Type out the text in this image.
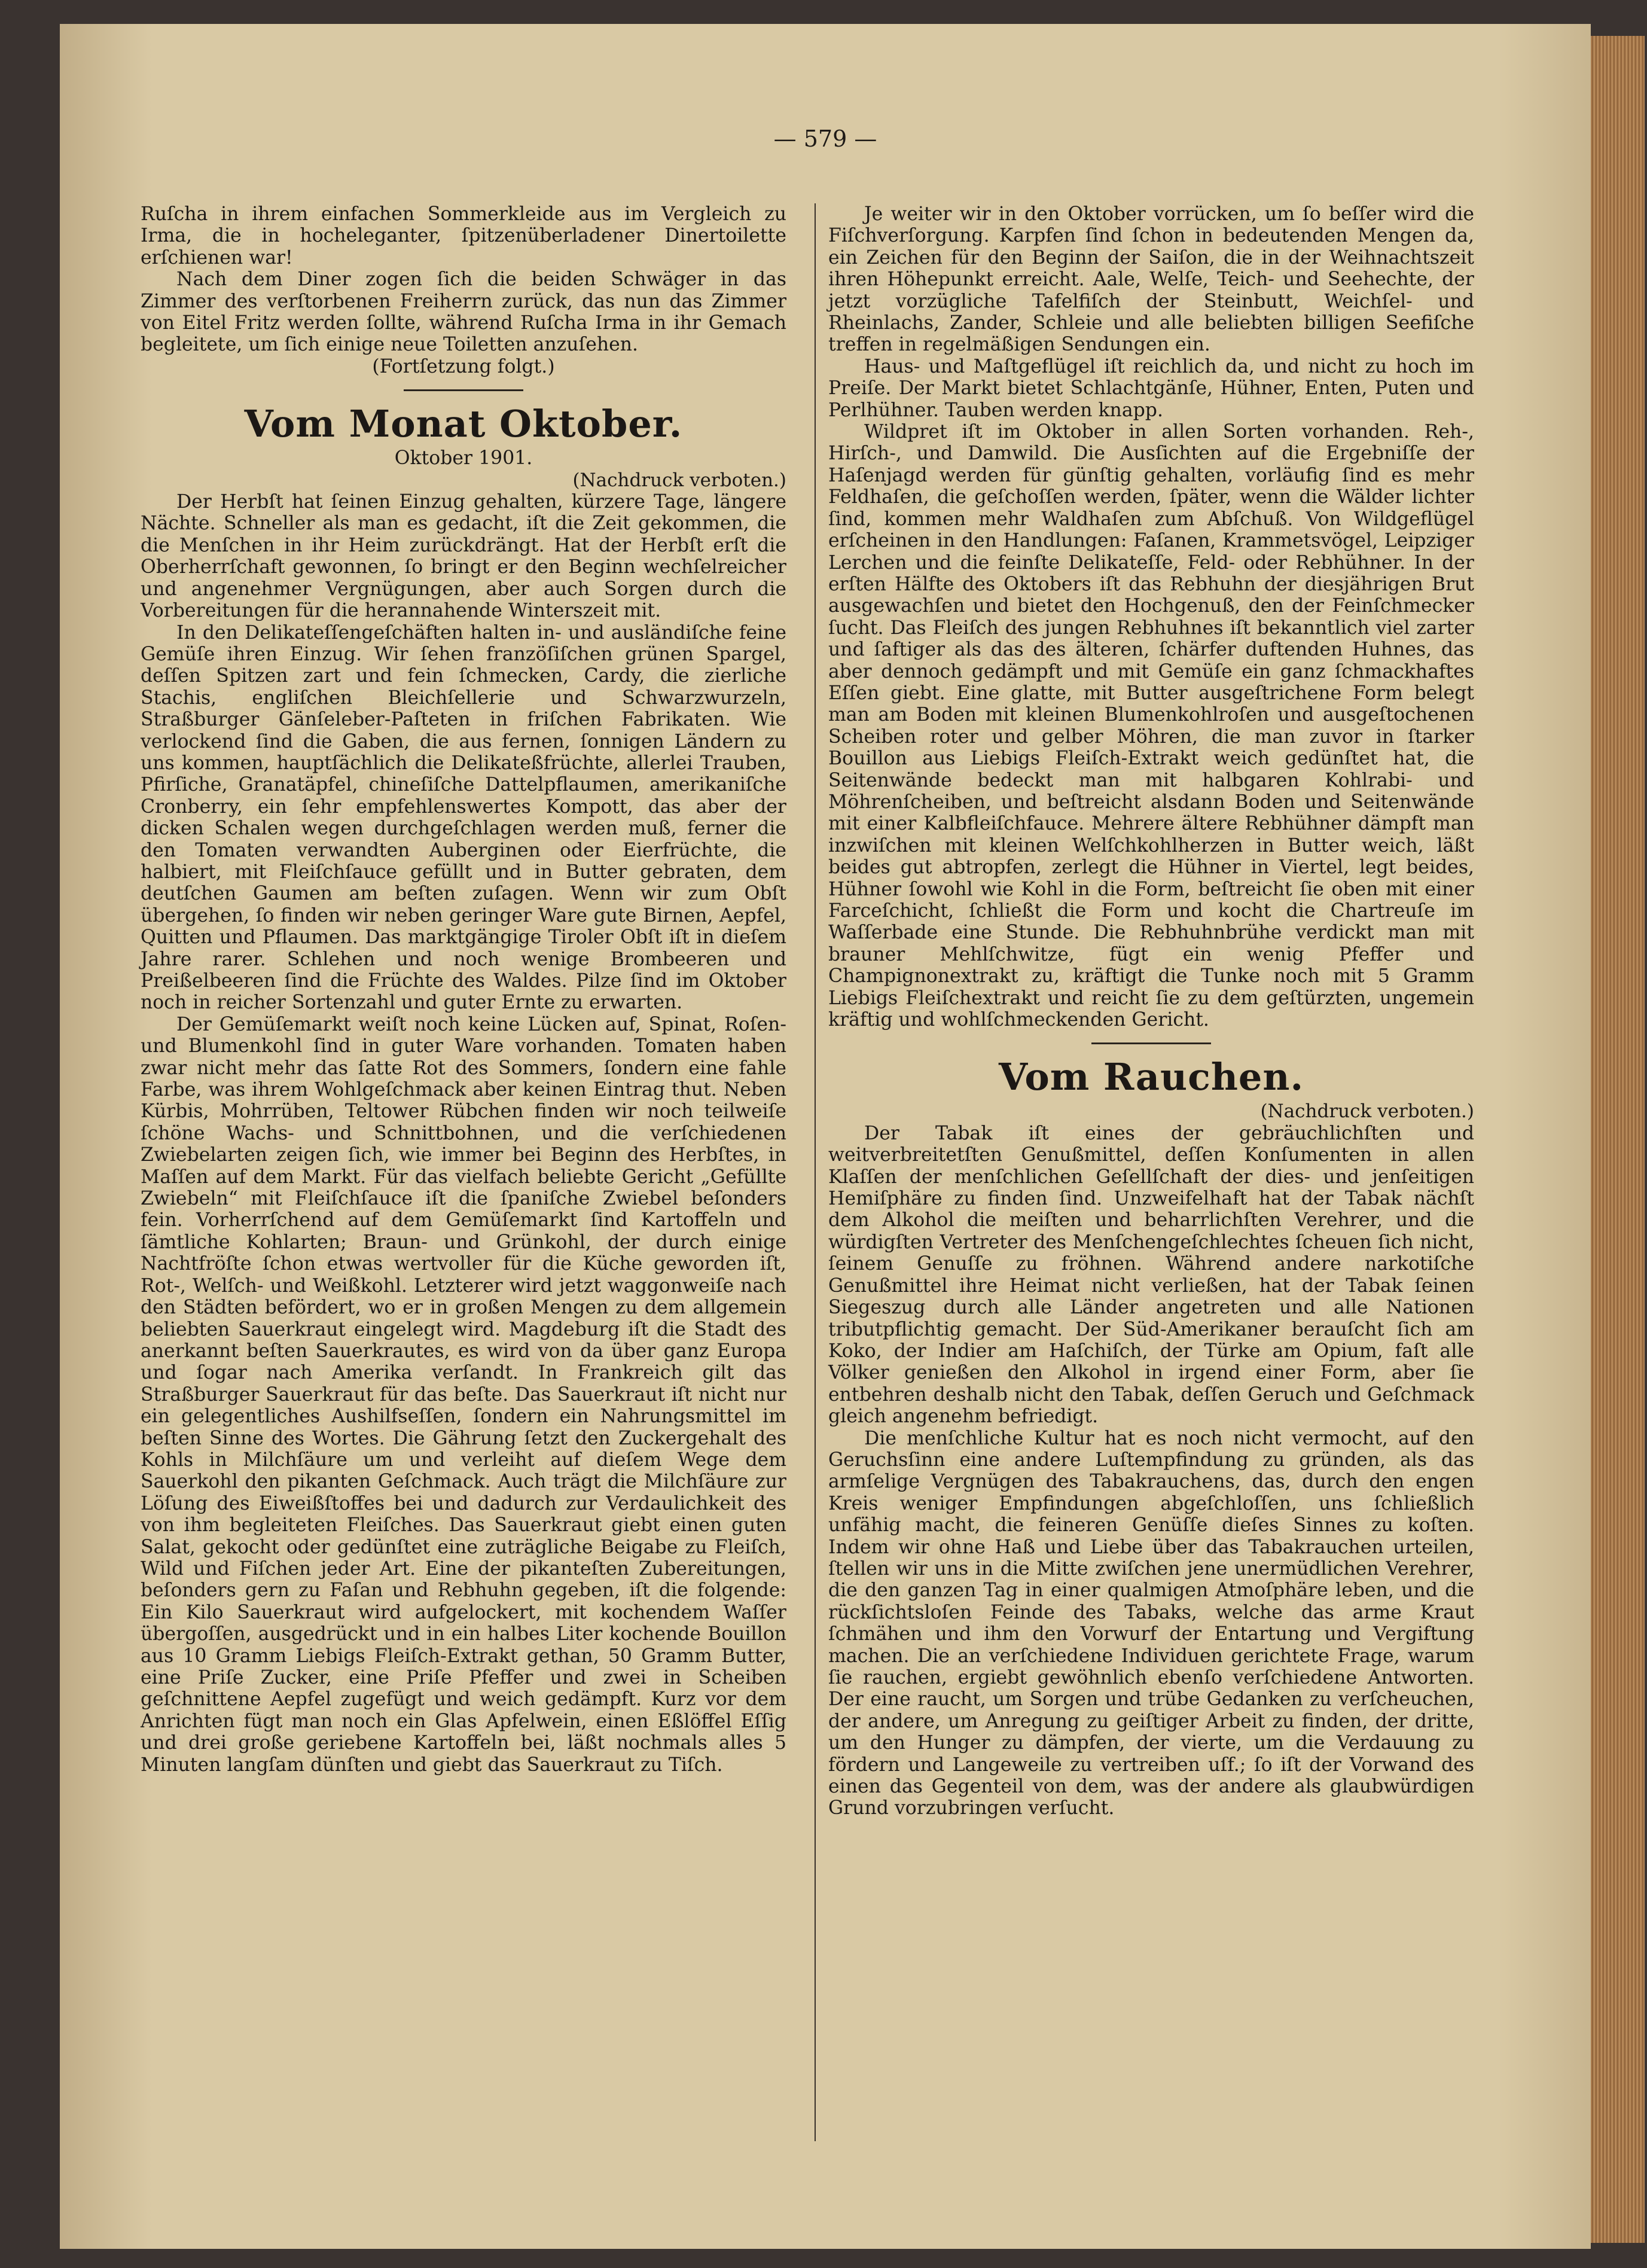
— 579 —

Ruſcha in ihrem einfachen Sommerkleide aus im Vergleich zu Irma, die in hocheleganter, ſpitzenüberladener Dinertoilette erſchienen war!

Nach dem Diner zogen ſich die beiden Schwäger in das Zimmer des verſtorbenen Freiherrn zurück, das nun das Zimmer von Eitel Fritz werden ſollte, während Ruſcha Irma in ihr Gemach begleitete, um ſich einige neue Toiletten anzuſehen.

(Fortſetzung folgt.)

Vom Monat Oktober.

Oktober 1901.

(Nachdruck verboten.)

Der Herbſt hat ſeinen Einzug gehalten, kürzere Tage, längere Nächte. Schneller als man es gedacht, iſt die Zeit gekommen, die die Menſchen in ihr Heim zurückdrängt. Hat der Herbſt erſt die Oberherrſchaft gewonnen, ſo bringt er den Beginn wechſelreicher und angenehmer Vergnügungen, aber auch Sorgen durch die Vorbereitungen für die herannahende Winterszeit mit.

In den Delikateſſengeſchäften halten in- und ausländiſche feine Gemüſe ihren Einzug. Wir ſehen franzöſiſchen grünen Spargel, deſſen Spitzen zart und fein ſchmecken, Cardy, die zierliche Stachis, engliſchen Bleichſellerie und Schwarzwurzeln, Straßburger Gänſeleber-Paſteten in friſchen Fabrikaten. Wie verlockend ſind die Gaben, die aus fernen, ſonnigen Ländern zu uns kommen, hauptſächlich die Delikateßfrüchte, allerlei Trauben, Pfirſiche, Granatäpfel, chineſiſche Dattelpflaumen, amerikaniſche Cronberry, ein ſehr empfehlenswertes Kompott, das aber der dicken Schalen wegen durchgeſchlagen werden muß, ferner die den Tomaten verwandten Auberginen oder Eierfrüchte, die halbiert, mit Fleiſchſauce gefüllt und in Butter gebraten, dem deutſchen Gaumen am beſten zuſagen. Wenn wir zum Obſt übergehen, ſo finden wir neben geringer Ware gute Birnen, Aepfel, Quitten und Pflaumen. Das marktgängige Tiroler Obſt iſt in dieſem Jahre rarer. Schlehen und noch wenige Brombeeren und Preißelbeeren ſind die Früchte des Waldes. Pilze ſind im Oktober noch in reicher Sortenzahl und guter Ernte zu erwarten.

Der Gemüſemarkt weiſt noch keine Lücken auf, Spinat, Roſen- und Blumenkohl ſind in guter Ware vorhanden. Tomaten haben zwar nicht mehr das ſatte Rot des Sommers, ſondern eine fahle Farbe, was ihrem Wohlgeſchmack aber keinen Eintrag thut. Neben Kürbis, Mohrrüben, Teltower Rübchen finden wir noch teilweiſe ſchöne Wachs- und Schnittbohnen, und die verſchiedenen Zwiebelarten zeigen ſich, wie immer bei Beginn des Herbſtes, in Maſſen auf dem Markt. Für das vielfach beliebte Gericht „Gefüllte Zwiebeln“ mit Fleiſchſauce iſt die ſpaniſche Zwiebel beſonders fein. Vorherrſchend auf dem Gemüſemarkt ſind Kartoffeln und ſämtliche Kohlarten; Braun- und Grünkohl, der durch einige Nachtfröſte ſchon etwas wertvoller für die Küche geworden iſt, Rot-, Welſch- und Weißkohl. Letzterer wird jetzt waggonweiſe nach den Städten befördert, wo er in großen Mengen zu dem allgemein beliebten Sauerkraut eingelegt wird. Magdeburg iſt die Stadt des anerkannt beſten Sauerkrautes, es wird von da über ganz Europa und ſogar nach Amerika verſandt. In Frankreich gilt das Straßburger Sauerkraut für das beſte. Das Sauerkraut iſt nicht nur ein gelegentliches Aushilfseſſen, ſondern ein Nahrungsmittel im beſten Sinne des Wortes. Die Gährung ſetzt den Zuckergehalt des Kohls in Milchſäure um und verleiht auf dieſem Wege dem Sauerkohl den pikanten Geſchmack. Auch trägt die Milchſäure zur Löſung des Eiweißſtoffes bei und dadurch zur Verdaulichkeit des von ihm begleiteten Fleiſches. Das Sauerkraut giebt einen guten Salat, gekocht oder gedünſtet eine zuträgliche Beigabe zu Fleiſch, Wild und Fiſchen jeder Art. Eine der pikanteſten Zubereitungen, beſonders gern zu Faſan und Rebhuhn gegeben, iſt die folgende: Ein Kilo Sauerkraut wird aufgelockert, mit kochendem Waſſer übergoſſen, ausgedrückt und in ein halbes Liter kochende Bouillon aus 10 Gramm Liebigs Fleiſch-Extrakt gethan, 50 Gramm Butter, eine Priſe Zucker, eine Priſe Pfeffer und zwei in Scheiben geſchnittene Aepfel zugefügt und weich gedämpft. Kurz vor dem Anrichten fügt man noch ein Glas Apfelwein, einen Eßlöffel Eſſig und drei große geriebene Kartoffeln bei, läßt nochmals alles 5 Minuten langſam dünſten und giebt das Sauerkraut zu Tiſch.

Je weiter wir in den Oktober vorrücken, um ſo beſſer wird die Fiſchverſorgung. Karpfen ſind ſchon in bedeutenden Mengen da, ein Zeichen für den Beginn der Saiſon, die in der Weihnachtszeit ihren Höhepunkt erreicht. Aale, Welſe, Teich- und Seehechte, der jetzt vorzügliche Tafelfiſch der Steinbutt, Weichſel- und Rheinlachs, Zander, Schleie und alle beliebten billigen Seefiſche treffen in regelmäßigen Sendungen ein.

Haus- und Maſtgeflügel iſt reichlich da, und nicht zu hoch im Preiſe. Der Markt bietet Schlachtgänſe, Hühner, Enten, Puten und Perlhühner. Tauben werden knapp.

Wildpret iſt im Oktober in allen Sorten vorhanden. Reh-, Hirſch-, und Damwild. Die Ausſichten auf die Ergebniſſe der Haſenjagd werden für günſtig gehalten, vorläufig ſind es mehr Feldhaſen, die geſchoſſen werden, ſpäter, wenn die Wälder lichter ſind, kommen mehr Waldhaſen zum Abſchuß. Von Wildgeflügel erſcheinen in den Handlungen: Faſanen, Krammetsvögel, Leipziger Lerchen und die feinſte Delikateſſe, Feld- oder Rebhühner. In der erſten Hälfte des Oktobers iſt das Rebhuhn der diesjährigen Brut ausgewachſen und bietet den Hochgenuß, den der Feinſchmecker ſucht. Das Fleiſch des jungen Rebhuhnes iſt bekanntlich viel zarter und ſaftiger als das des älteren, ſchärfer duftenden Huhnes, das aber dennoch gedämpft und mit Gemüſe ein ganz ſchmackhaftes Eſſen giebt. Eine glatte, mit Butter ausgeſtrichene Form belegt man am Boden mit kleinen Blumenkohlroſen und ausgeſtochenen Scheiben roter und gelber Möhren, die man zuvor in ſtarker Bouillon aus Liebigs Fleiſch-Extrakt weich gedünſtet hat, die Seitenwände bedeckt man mit halbgaren Kohlrabi- und Möhrenſcheiben, und beſtreicht alsdann Boden und Seitenwände mit einer Kalbfleiſchfauce. Mehrere ältere Rebhühner dämpft man inzwiſchen mit kleinen Welſchkohlherzen in Butter weich, läßt beides gut abtropfen, zerlegt die Hühner in Viertel, legt beides, Hühner ſowohl wie Kohl in die Form, beſtreicht ſie oben mit einer Farceſchicht, ſchließt die Form und kocht die Chartreuſe im Waſſerbade eine Stunde. Die Rebhuhnbrühe verdickt man mit brauner Mehlſchwitze, fügt ein wenig Pfeffer und Champignonextrakt zu, kräftigt die Tunke noch mit 5 Gramm Liebigs Fleiſchextrakt und reicht ſie zu dem geſtürzten, ungemein kräftig und wohlſchmeckenden Gericht.

Vom Rauchen.

(Nachdruck verboten.)

Der Tabak iſt eines der gebräuchlichſten und weitverbreitetſten Genußmittel, deſſen Konſumenten in allen Klaſſen der menſchlichen Geſellſchaft der dies- und jenſeitigen Hemiſphäre zu finden ſind. Unzweifelhaft hat der Tabak nächſt dem Alkohol die meiſten und beharrlichſten Verehrer, und die würdigſten Vertreter des Menſchengeſchlechtes ſcheuen ſich nicht, ſeinem Genuſſe zu fröhnen. Während andere narkotiſche Genußmittel ihre Heimat nicht verließen, hat der Tabak ſeinen Siegeszug durch alle Länder angetreten und alle Nationen tributpflichtig gemacht. Der Süd-Amerikaner berauſcht ſich am Koko, der Indier am Haſchiſch, der Türke am Opium, faſt alle Völker genießen den Alkohol in irgend einer Form, aber ſie entbehren deshalb nicht den Tabak, deſſen Geruch und Geſchmack gleich angenehm befriedigt.

Die menſchliche Kultur hat es noch nicht vermocht, auf den Geruchsſinn eine andere Luſtempfindung zu gründen, als das armſelige Vergnügen des Tabakrauchens, das, durch den engen Kreis weniger Empfindungen abgeſchloſſen, uns ſchließlich unfähig macht, die feineren Genüſſe dieſes Sinnes zu koſten. Indem wir ohne Haß und Liebe über das Tabakrauchen urteilen, ſtellen wir uns in die Mitte zwiſchen jene unermüdlichen Verehrer, die den ganzen Tag in einer qualmigen Atmoſphäre leben, und die rückſichtsloſen Feinde des Tabaks, welche das arme Kraut ſchmähen und ihm den Vorwurf der Entartung und Vergiftung machen. Die an verſchiedene Individuen gerichtete Frage, warum ſie rauchen, ergiebt gewöhnlich ebenſo verſchiedene Antworten. Der eine raucht, um Sorgen und trübe Gedanken zu verſcheuchen, der andere, um Anregung zu geiſtiger Arbeit zu finden, der dritte, um den Hunger zu dämpfen, der vierte, um die Verdauung zu fördern und Langeweile zu vertreiben uſf.; ſo iſt der Vorwand des einen das Gegenteil von dem, was der andere als glaubwürdigen Grund vorzubringen verſucht.
